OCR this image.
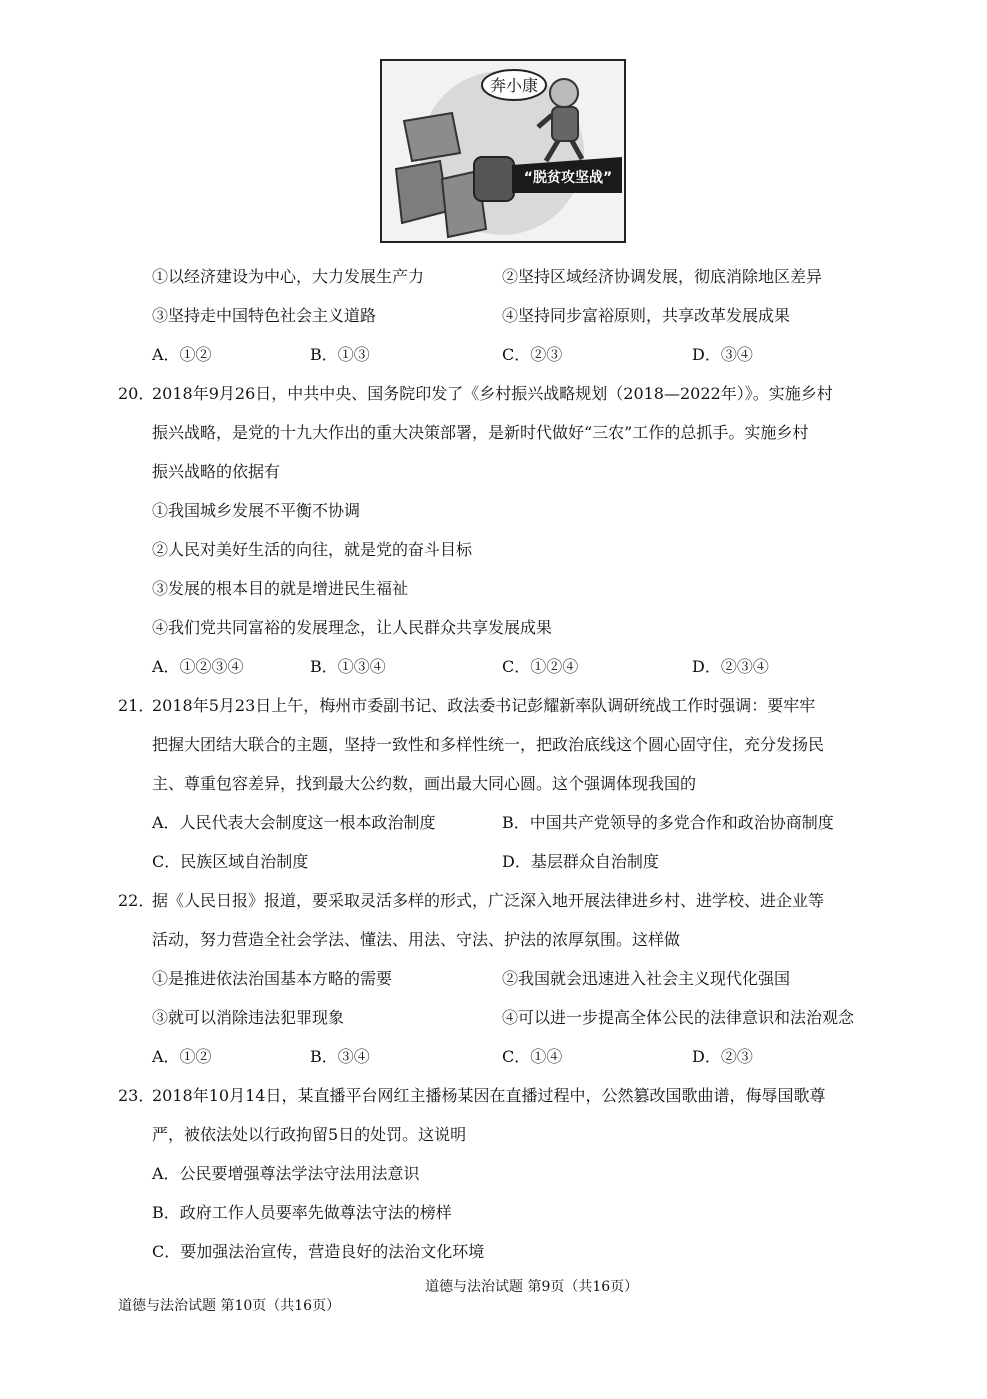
“脱贫攻坚战”
奔小康
①以经济建设为中心，大力发展生产力	②坚持区域经济协调发展，彻底消除地区差异
③坚持走中国特色社会主义道路	④坚持同步富裕原则，共享改革发展成果
A．①②	B．①③	C．②③	D．③④
20．
2018年9月26日，中共中央、国务院印发了《乡村振兴战略规划（2018—2022年）》。实施乡村
振兴战略，是党的十九大作出的重大决策部署，是新时代做好“三农”工作的总抓手。实施乡村
振兴战略的依据有
①我国城乡发展不平衡不协调
②人民对美好生活的向往，就是党的奋斗目标
③发展的根本目的就是增进民生福祉
④我们党共同富裕的发展理念，让人民群众共享发展成果
A．①②③④	B．①③④	C．①②④	D．②③④
21．
2018年5月23日上午，梅州市委副书记、政法委书记彭耀新率队调研统战工作时强调：要牢牢
把握大团结大联合的主题，坚持一致性和多样性统一，把政治底线这个圆心固守住，充分发扬民
主、尊重包容差异，找到最大公约数，画出最大同心圆。这个强调体现我国的
A．人民代表大会制度这一根本政治制度	B．中国共产党领导的多党合作和政治协商制度
C．民族区域自治制度	D．基层群众自治制度
22．
据《人民日报》报道，要采取灵活多样的形式，广泛深入地开展法律进乡村、进学校、进企业等
活动，努力营造全社会学法、懂法、用法、守法、护法的浓厚氛围。这样做
①是推进依法治国基本方略的需要	②我国就会迅速进入社会主义现代化强国
③就可以消除违法犯罪现象	④可以进一步提高全体公民的法律意识和法治观念
A．①②	B．③④	C．①④	D．②③
23．
2018年10月14日，某直播平台网红主播杨某因在直播过程中，公然篡改国歌曲谱，侮辱国歌尊
严，被依法处以行政拘留5日的处罚。这说明
A．公民要增强尊法学法守法用法意识
B．政府工作人员要率先做尊法守法的榜样
C．要加强法治宣传，营造良好的法治文化环境
道德与法治试题 第9页（共16页）
道德与法治试题 第10页（共16页）
